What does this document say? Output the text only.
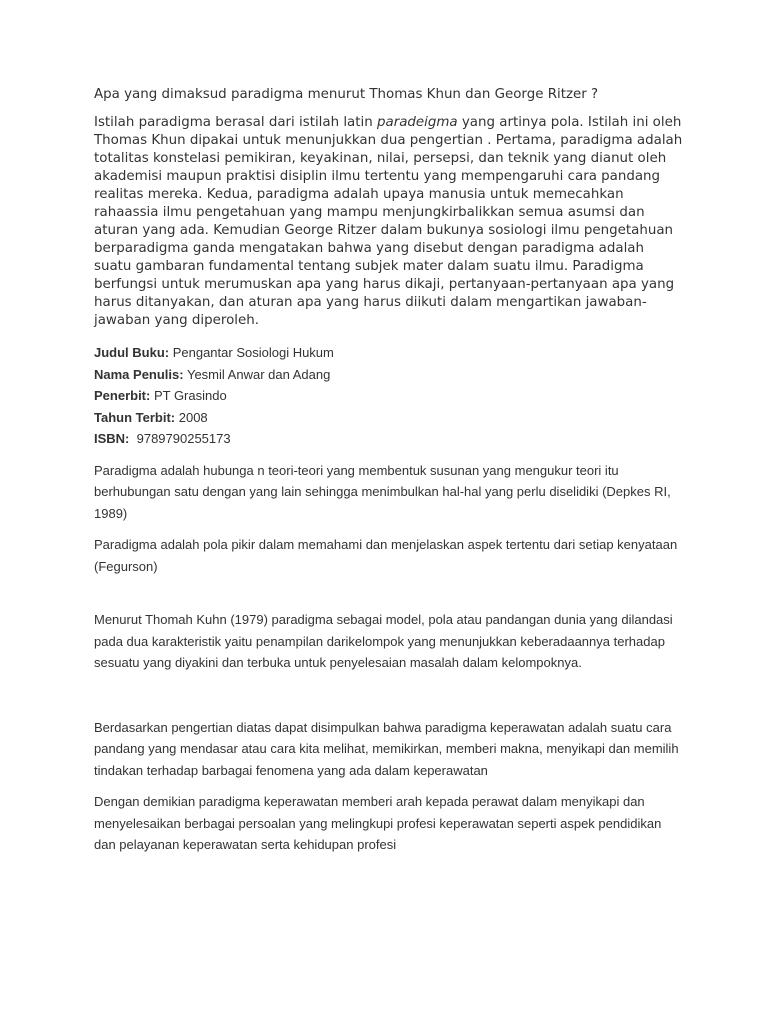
Apa yang dimaksud paradigma menurut Thomas Khun dan George Ritzer ?

Istilah paradigma berasal dari istilah latin paradeigma yang artinya pola. Istilah ini oleh Thomas Khun dipakai untuk menunjukkan dua pengertian . Pertama, paradigma adalah totalitas konstelasi pemikiran, keyakinan, nilai, persepsi, dan teknik yang dianut oleh akademisi maupun praktisi disiplin ilmu tertentu yang mempengaruhi cara pandang realitas mereka. Kedua, paradigma adalah upaya manusia untuk memecahkan rahaassia ilmu pengetahuan yang mampu menjungkirbalikkan semua asumsi dan aturan yang ada. Kemudian George Ritzer dalam bukunya sosiologi ilmu pengetahuan berparadigma ganda mengatakan bahwa yang disebut dengan paradigma adalah suatu gambaran fundamental tentang subjek mater dalam suatu ilmu. Paradigma berfungsi untuk merumuskan apa yang harus dikaji, pertanyaan-pertanyaan apa yang harus ditanyakan, dan aturan apa yang harus diikuti dalam mengartikan jawaban-jawaban yang diperoleh.

Judul Buku: Pengantar Sosiologi Hukum
Nama Penulis: Yesmil Anwar dan Adang
Penerbit: PT Grasindo
Tahun Terbit: 2008
ISBN:  9789790255173

Paradigma adalah hubunga n teori-teori yang membentuk susunan yang mengukur teori itu berhubungan satu dengan yang lain sehingga menimbulkan hal-hal yang perlu diselidiki (Depkes RI, 1989)

Paradigma adalah pola pikir dalam memahami dan menjelaskan aspek tertentu dari setiap kenyataan (Fegurson)

Menurut Thomah Kuhn (1979) paradigma sebagai model, pola atau pandangan dunia yang dilandasi pada dua karakteristik yaitu penampilan darikelompok yang menunjukkan keberadaannya terhadap sesuatu yang diyakini dan terbuka untuk penyelesaian masalah dalam kelompoknya.

Berdasarkan pengertian diatas dapat disimpulkan bahwa paradigma keperawatan adalah suatu cara pandang yang mendasar atau cara kita melihat, memikirkan, memberi makna, menyikapi dan memilih tindakan terhadap barbagai fenomena yang ada dalam keperawatan

Dengan demikian paradigma keperawatan memberi arah kepada perawat dalam menyikapi dan menyelesaikan berbagai persoalan yang melingkupi profesi keperawatan seperti aspek pendidikan dan pelayanan keperawatan serta kehidupan profesi
